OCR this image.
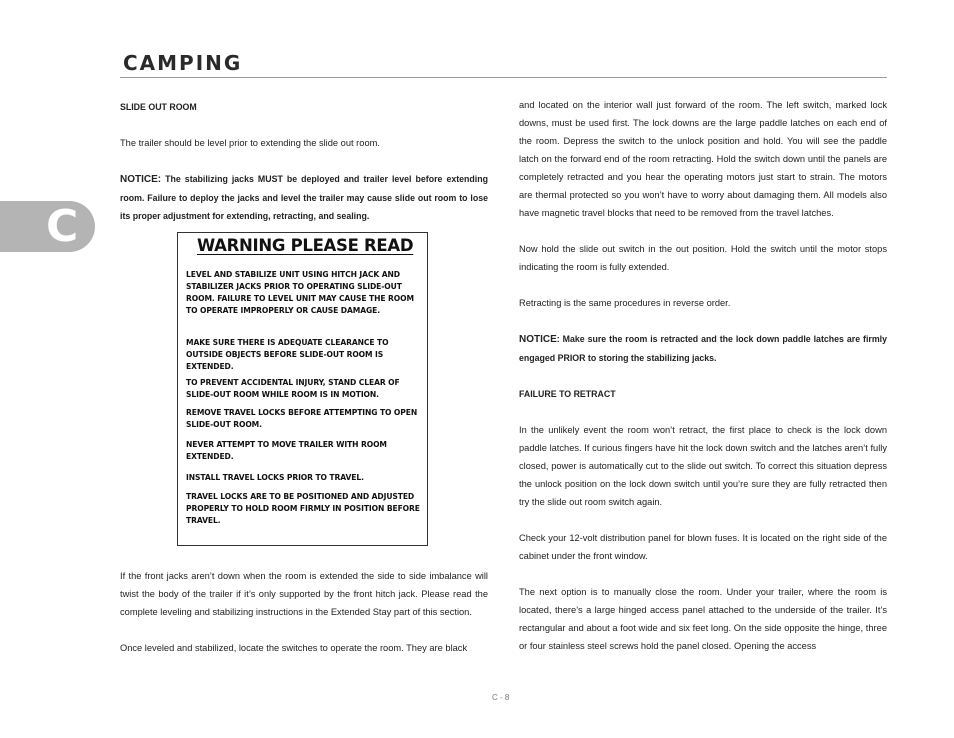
CAMPING
C

SLIDE OUT ROOM

The trailer should be level prior to extending the slide out room.

NOTICE: The stabilizing jacks MUST be deployed and trailer level before extending room. Failure to deploy the jacks and level the trailer may cause slide out room to lose its proper adjustment for extending, retracting, and sealing.

If the front jacks aren’t down when the room is extended the side to side imbalance will twist the body of the trailer if it’s only supported by the front hitch jack. Please read the complete leveling and stabilizing instructions in the Extended Stay part of this section.

Once leveled and stabilized, locate the switches to operate the room. They are black

WARNING PLEASE READ
LEVEL AND STABILIZE UNIT USING HITCH JACK AND STABILIZER JACKS PRIOR TO OPERATING SLIDE-OUT ROOM. FAILURE TO LEVEL UNIT MAY CAUSE THE ROOM TO OPERATE IMPROPERLY OR CAUSE DAMAGE.
MAKE SURE THERE IS ADEQUATE CLEARANCE TO OUTSIDE OBJECTS BEFORE SLIDE-OUT ROOM IS EXTENDED.
TO PREVENT ACCIDENTAL INJURY, STAND CLEAR OF SLIDE-OUT ROOM WHILE ROOM IS IN MOTION.
REMOVE TRAVEL LOCKS BEFORE ATTEMPTING TO OPEN SLIDE-OUT ROOM.
NEVER ATTEMPT TO MOVE TRAILER WITH ROOM EXTENDED.
INSTALL TRAVEL LOCKS PRIOR TO TRAVEL.
TRAVEL LOCKS ARE TO BE POSITIONED AND ADJUSTED PROPERLY TO HOLD ROOM FIRMLY IN POSITION BEFORE TRAVEL.

and located on the interior wall just forward of the room. The left switch, marked lock downs, must be used first. The lock downs are the large paddle latches on each end of the room. Depress the switch to the unlock position and hold. You will see the paddle latch on the forward end of the room retracting. Hold the switch down until the panels are completely retracted and you hear the operating motors just start to strain. The motors are thermal protected so you won’t have to worry about damaging them. All models also have magnetic travel blocks that need to be removed from the travel latches.

Now hold the slide out switch in the out position. Hold the switch until the motor stops indicating the room is fully extended.

Retracting is the same procedures in reverse order.

NOTICE: Make sure the room is retracted and the lock down paddle latches are firmly engaged PRIOR to storing the stabilizing jacks.

FAILURE TO RETRACT

In the unlikely event the room won’t retract, the first place to check is the lock down paddle latches. If curious fingers have hit the lock down switch and the latches aren’t fully closed, power is automatically cut to the slide out switch. To correct this situation depress the unlock position on the lock down switch until you’re sure they are fully retracted then try the slide out room switch again.

Check your 12-volt distribution panel for blown fuses. It is located on the right side of the cabinet under the front window.

The next option is to manually close the room. Under your trailer, where the room is located, there’s a large hinged access panel attached to the underside of the trailer. It’s rectangular and about a foot wide and six feet long. On the side opposite the hinge, three or four stainless steel screws hold the panel closed. Opening the access

C - 8
